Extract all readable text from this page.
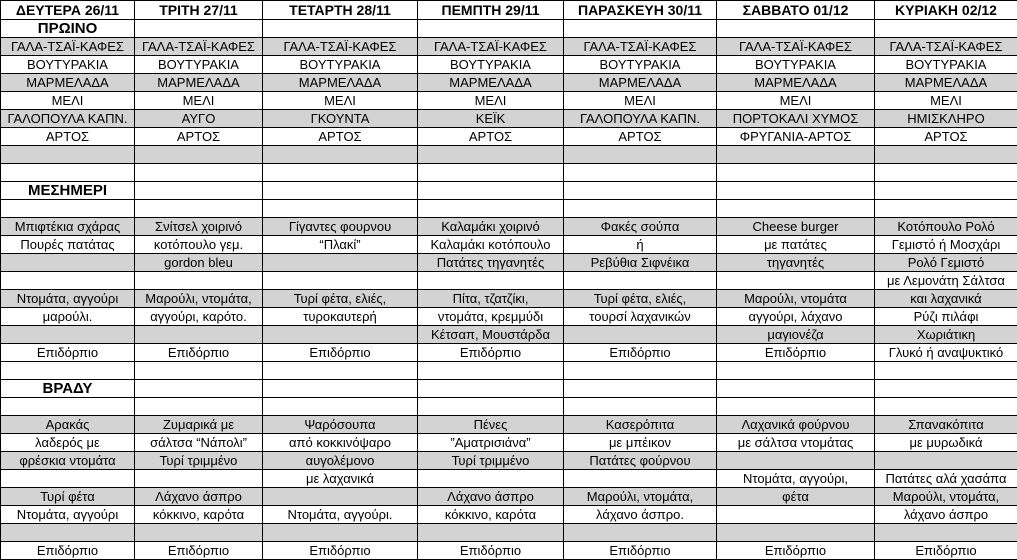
ΔΕΥΤΕΡΑ 26/11	ΤΡΙΤΗ 27/11	ΤΕΤΑΡΤΗ 28/11	ΠΕΜΠΤΗ 29/11	ΠΑΡΑΣΚΕΥΗ 30/11	ΣΑΒΒΑΤΟ 01/12	ΚΥΡΙΑΚΗ 02/12
ΠΡΩΙΝΟ						
ΓΑΛΑ-ΤΣΑΪ-ΚΑΦΕΣ	ΓΑΛΑ-ΤΣΑΪ-ΚΑΦΕΣ	ΓΑΛΑ-ΤΣΑΪ-ΚΑΦΕΣ	ΓΑΛΑ-ΤΣΑΪ-ΚΑΦΕΣ	ΓΑΛΑ-ΤΣΑΪ-ΚΑΦΕΣ	ΓΑΛΑ-ΤΣΑΪ-ΚΑΦΕΣ	ΓΑΛΑ-ΤΣΑΪ-ΚΑΦΕΣ
ΒΟΥΤΥΡΑΚΙΑ	ΒΟΥΤΥΡΑΚΙΑ	ΒΟΥΤΥΡΑΚΙΑ	ΒΟΥΤΥΡΑΚΙΑ	ΒΟΥΤΥΡΑΚΙΑ	ΒΟΥΤΥΡΑΚΙΑ	ΒΟΥΤΥΡΑΚΙΑ
ΜΑΡΜΕΛΑΔΑ	ΜΑΡΜΕΛΑΔΑ	ΜΑΡΜΕΛΑΔΑ	ΜΑΡΜΕΛΑΔΑ	ΜΑΡΜΕΛΑΔΑ	ΜΑΡΜΕΛΑΔΑ	ΜΑΡΜΕΛΑΔΑ
ΜΕΛΙ	ΜΕΛΙ	ΜΕΛΙ	ΜΕΛΙ	ΜΕΛΙ	ΜΕΛΙ	ΜΕΛΙ
ΓΑΛΟΠΟΥΛΑ ΚΑΠΝ.	ΑΥΓΟ	ΓΚΟΥΝΤΑ	ΚΕΪΚ	ΓΑΛΟΠΟΥΛΑ ΚΑΠΝ.	ΠΟΡΤΟΚΑΛΙ ΧΥΜΟΣ	ΗΜΙΣΚΛΗΡΟ
ΑΡΤΟΣ	ΑΡΤΟΣ	ΑΡΤΟΣ	ΑΡΤΟΣ	ΑΡΤΟΣ	ΦΡΥΓΑΝΙΑ-ΑΡΤΟΣ	ΑΡΤΟΣ

ΜΕΣΗΜΕΡΙ						

Μπιφτέκια σχάρας	Σνίτσελ χοιρινό	Γίγαντες φουρνου	Καλαμάκι χοιρινό	Φακές σούπα	Cheese burger	Κοτόπουλο Ρολό
Πουρές πατάτας	κοτόπουλο γεμ.	“Πλακί”	Καλαμάκι κοτόπουλο	ή	με πατάτες	Γεμιστό ή Μοσχάρι
	gordon bleu		Πατάτες τηγανητές	Ρεβύθια Σιφνέικα	τηγανητές	Ρολό Γεμιστό
						με Λεμονάτη Σάλτσα
Ντομάτα, αγγούρι	Μαρούλι, ντομάτα,	Τυρί φέτα, ελιές,	Πίτα, τζατζίκι,	Τυρί φέτα, ελιές,	Μαρούλι, ντομάτα	και λαχανικά
μαρούλι.	αγγούρι, καρότο.	τυροκαυτερή	ντομάτα, κρεμμύδι	τουρσί λαχανικών	αγγούρι, λάχανο	Ρύζι πιλάφι
			Κέτσαπ, Μουστάρδα		μαγιονέζα	Χωριάτικη
Επιδόρπιο	Επιδόρπιο	Επιδόρπιο	Επιδόρπιο	Επιδόρπιο	Επιδόρπιο	Γλυκό ή αναψυκτικό

ΒΡΑΔΥ						

Αρακάς	Ζυμαρικά με	Ψαρόσουπα	Πένες	Κασερόπιτα	Λαχανικά φούρνου	Σπανακόπιτα
λαδερός με	σάλτσα “Νάπολι”	από κοκκινόψαρο	”Αματρισιάνα”	με μπέικον	με σάλτσα ντομάτας	με μυρωδικά
φρέσκια ντομάτα	Τυρί τριμμένο	αυγολέμονο	Τυρί τριμμένο	Πατάτες φούρνου		
		με λαχανικά			Ντομάτα, αγγούρι,	Πατάτες αλά χασάπα
Τυρί φέτα	Λάχανο άσπρο		Λάχανο άσπρο	Μαρούλι, ντομάτα,	φέτα	Μαρούλι, ντομάτα,
Ντομάτα, αγγούρι	κόκκινο, καρότα	Ντομάτα, αγγούρι.	κόκκινο, καρότα	λάχανο άσπρο.		λάχανο άσπρο

Επιδόρπιο	Επιδόρπιο	Επιδόρπιο	Επιδόρπιο	Επιδόρπιο	Επιδόρπιο	Επιδόρπιο
